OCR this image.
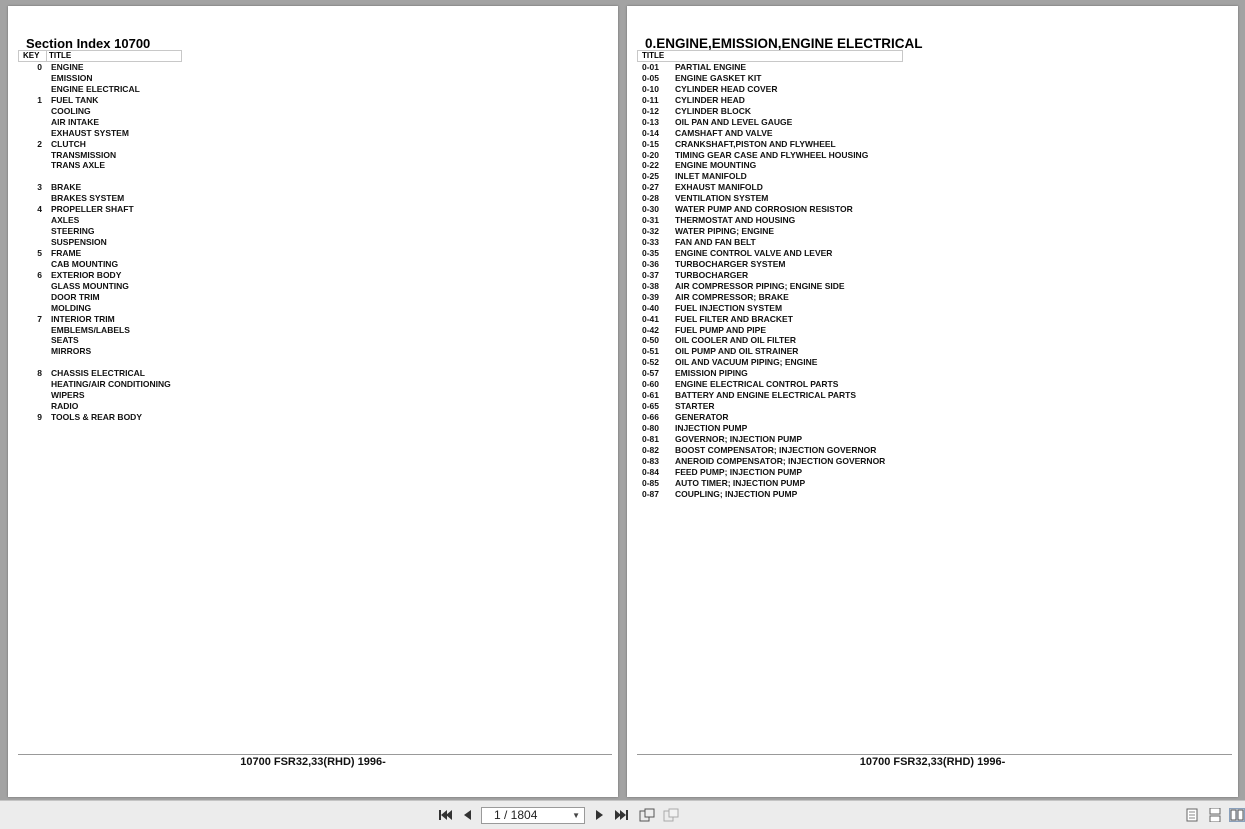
Section Index 10700
KEY TITLE
0 ENGINE
EMISSION
ENGINE ELECTRICAL
1 FUEL TANK
COOLING
AIR INTAKE
EXHAUST SYSTEM
2 CLUTCH
TRANSMISSION
TRANS AXLE
3 BRAKE
BRAKES SYSTEM
4 PROPELLER SHAFT
AXLES
STEERING
SUSPENSION
5 FRAME
CAB MOUNTING
6 EXTERIOR BODY
GLASS MOUNTING
DOOR TRIM
MOLDING
7 INTERIOR TRIM
EMBLEMS/LABELS
SEATS
MIRRORS
8 CHASSIS ELECTRICAL
HEATING/AIR CONDITIONING
WIPERS
RADIO
9 TOOLS & REAR BODY
10700 FSR32,33(RHD) 1996-
0.ENGINE,EMISSION,ENGINE ELECTRICAL
TITLE
0-01 PARTIAL ENGINE
0-05 ENGINE GASKET KIT
0-10 CYLINDER HEAD COVER
0-11 CYLINDER HEAD
0-12 CYLINDER BLOCK
0-13 OIL PAN AND LEVEL GAUGE
0-14 CAMSHAFT AND VALVE
0-15 CRANKSHAFT,PISTON AND FLYWHEEL
0-20 TIMING GEAR CASE AND FLYWHEEL HOUSING
0-22 ENGINE MOUNTING
0-25 INLET MANIFOLD
0-27 EXHAUST MANIFOLD
0-28 VENTILATION SYSTEM
0-30 WATER PUMP AND CORROSION RESISTOR
0-31 THERMOSTAT AND HOUSING
0-32 WATER PIPING; ENGINE
0-33 FAN AND FAN BELT
0-35 ENGINE CONTROL VALVE AND LEVER
0-36 TURBOCHARGER SYSTEM
0-37 TURBOCHARGER
0-38 AIR COMPRESSOR PIPING; ENGINE SIDE
0-39 AIR COMPRESSOR; BRAKE
0-40 FUEL INJECTION SYSTEM
0-41 FUEL FILTER AND BRACKET
0-42 FUEL PUMP AND PIPE
0-50 OIL COOLER AND OIL FILTER
0-51 OIL PUMP AND OIL STRAINER
0-52 OIL AND VACUUM PIPING; ENGINE
0-57 EMISSION PIPING
0-60 ENGINE ELECTRICAL CONTROL PARTS
0-61 BATTERY AND ENGINE ELECTRICAL PARTS
0-65 STARTER
0-66 GENERATOR
0-80 INJECTION PUMP
0-81 GOVERNOR; INJECTION PUMP
0-82 BOOST COMPENSATOR; INJECTION GOVERNOR
0-83 ANEROID COMPENSATOR; INJECTION GOVERNOR
0-84 FEED PUMP; INJECTION PUMP
0-85 AUTO TIMER; INJECTION PUMP
0-87 COUPLING; INJECTION PUMP
10700 FSR32,33(RHD) 1996-
1 / 1804	▼
